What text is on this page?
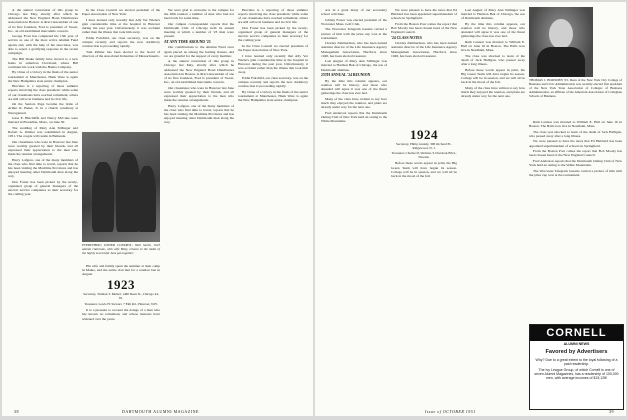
at the annual convention of this group in Chicago last May, shortly after which he addressed the New England Hotel Distributors Association in Boston. A direct descendant of one of its first founders, Fred is president of Sweet, Inc., an old established mercantile concern.

George Frost has completed his 15th year of service as one of the most active Alumni Fund agents and, with the help of his associates, was able to report a gratifying response in the recent campaign.

The Bill Drake family have moved to a new home in suburban Cleveland, where Bill continues his work with the Hanna Company.

By virtue of a victory in the finals of the senior tournament at Manchester, Hank Ware is again the New Hampshire state senior champion.

Hercules is a reporting of those summer reports involving the class president: while some of our classmates have reached retirement, others are still active in business and in civic life.

On the Seniors Page became the bride of Arthur R. Baker, Jr. in a church ceremony at Narragansett.

Jesse E. Hinchliffe and Nancy McCune were married in Brookline, Mass., on June 30.

The wedding of Mary Ann Stillinger and Robert G. Kilmer was solemnized in August, 1951. The couple will reside in Bethesda.

Our classmates who were in Hanover last June were warmly greeted by their friends, and all expressed their appreciation to the men who made the reunion arrangements.

Harry Lofgren, one of the many members of the class who find time to travel, reports that he has been visiting the Maritime Provinces and has enjoyed meeting other Dartmouth men along the way.

Don Foster has been picked by the newly-organized group of general managers of the electric service companies as their secretary for the coming year.

In the Class Council we elected president of the Paper Association of New York.

I have learned only recently that Ally Ver Wiebe's gain considerable time at the hospital in Hanover during the past year. Unfortunately, it was accident rather than the illness that took him away.

Eddie Fairchild, our class secretary, was on the campus recently and reports the new dormitory construction is proceeding rapidly.

Tom Palmer has been elected to the board of directors of the Associated Industries of Massachusetts.

EVERYTHING UNDER CONTROL: Walt Smith, 1923 alumni chairman, with wife Betty, relaxes in the midst of the highly successful June get-together.

His wife and family spent the summer at their camp in Maine, and the entire clan met for a reunion late in August.

1923
Secretary, Truman T. Metzel, 1460 Dean St., Chicago 44, Ill.
Treasurer, Lewis H. Stewart, 7 Elm Rd., Hanover, N.H.

It is a pleasure to recount the doings of a man who has known no retirement, and whose interests have widened over the years.

We were glad to welcome to the campus for the 28th reunion a number of men who had not been back for some time.

Our campus correspondent reports that the Dartmouth Club of Chicago held its annual meeting at which a number of '23 men were present.

AT ANY TIME AROUND '23

Our contributions to the Alumni Fund once again placed us among the leading classes, and we are grateful for the support of every member.

at the annual convention of this group in Chicago last May, shortly after which he addressed the New England Hotel Distributors Association in Boston. A direct descendant of one of its first founders, Fred is president of Sweet, Inc., an old established mercantile concern.

Our classmates who were in Hanover last June were warmly greeted by their friends, and all expressed their appreciation to the men who made the reunion arrangements.

Harry Lofgren, one of the many members of the class who find time to travel, reports that he has been visiting the Maritime Provinces and has enjoyed meeting other Dartmouth men along the way.

Hercules is a reporting of those summer reports involving the class president: while some of our classmates have reached retirement, others are still active in business and in civic life.

Don Foster has been picked by the newly-organized group of general managers of the electric service companies as their secretary for the coming year.

In the Class Council we elected president of the Paper Association of New York.

I have learned only recently that Ally Ver Wiebe's gain considerable time at the hospital in Hanover during the past year. Unfortunately, it was accident rather than the illness that took him away.

Eddie Fairchild, our class secretary, was on the campus recently and reports the new dormitory construction is proceeding rapidly.

By virtue of a victory in the finals of the senior tournament at Manchester, Hank Ware is again the New Hampshire state senior champion.

38	DARTMOUTH ALUMNI MAGAZINE

ard, in a great many of our secondary school activities.

Johnny Foster was elected president of the Worcester Mass. Golf Club.

The Worcester Telegram Gazette carried a picture of him with the prize cup won at the tournament.

Charley Zimmerman, who has been named assistant director of the Life Insurance Agency Management Association, Hartford, since 1948, has been elected treasurer.

Last August of Mary Ann Stillinger was married to Harmon Bek of Chicago, the son of Dartmouth alumnus.

25TH ANNUAL '24 REUNION

By the time this column appears, our reunion will be history, and those who attended will agree it was one of the finest gatherings the class has ever had.

Many of the class have written to say how much they enjoyed the reunion, and plans are already under way for the next one.

Fred Anderson reports that the Dartmouth Outing Club of New York held an outing to the White Mountains.

We were pleased to have the news that Ed Hubbard has been appointed superintendent of schools in Springfield.

From the Boston Post comes the report that Bob Moody has been chosen head of the New England Council.

'24 CLASS NOTES

Charley Zimmerman, who has been named assistant director of the Life Insurance Agency Management Association, Hartford, since 1948, has been elected treasurer.

1924
Secretary, Philip Grundy, 308 Orchard Pl., Ridgewood, N. J.
Treasurer, Charles D. Webster, 9 Overlook Blvd., Newark.

Before these words appear in print, the Big Green Team will have begun its season. College will be in session, and we will all be back in the mood of the fall.

Last August of Mary Ann Stillinger was married to Harmon Bek of Chicago, the son of Dartmouth alumnus.

By the time this column appears, our reunion will be history, and those who attended will agree it was one of the finest gatherings the class has ever had.

Ruth Lannon was married to William E. Hall on June 16 in Boston. The Halls now live in Needham, Mass.

The class was shocked to learn of the death of Jack Halligan, who passed away after a long illness.

Before these words appear in print, the Big Green Team will have begun its season. College will be in session, and we will all be back in the mood of the fall.

Many of the class have written to say how much they enjoyed the reunion, and plans are already under way for the next one.

THOMAS J. HODSDEN '23, Dean of the New York City College of Business and Civic Administration was recently elected first president of the New York State Association of Colleges of Business Administration, an affiliate of the American Association of Collegiate Schools of Business.

Ruth Lannon was married to William E. Hall on June 16 in Boston. The Halls now live in Needham, Mass.

The class was shocked to learn of the death of Jack Halligan, who passed away after a long illness.

We were pleased to have the news that Ed Hubbard has been appointed superintendent of schools in Springfield.

From the Boston Post comes the report that Bob Moody has been chosen head of the New England Council.

Fred Anderson reports that the Dartmouth Outing Club of New York held an outing to the White Mountains.

The Worcester Telegram Gazette carried a picture of him with the prize cup won at the tournament.

CORNELL
ALUMNI NEWS
Favored by Advertisers
Why? Due to a great extent to the loyal following of a paid readership.
The Ivy League Group, of which Cornell is one of seven Alumni Magazines, has a readership of 100,000 men, with average incomes of $15,128!
Issue of OCTOBER 1951	39
